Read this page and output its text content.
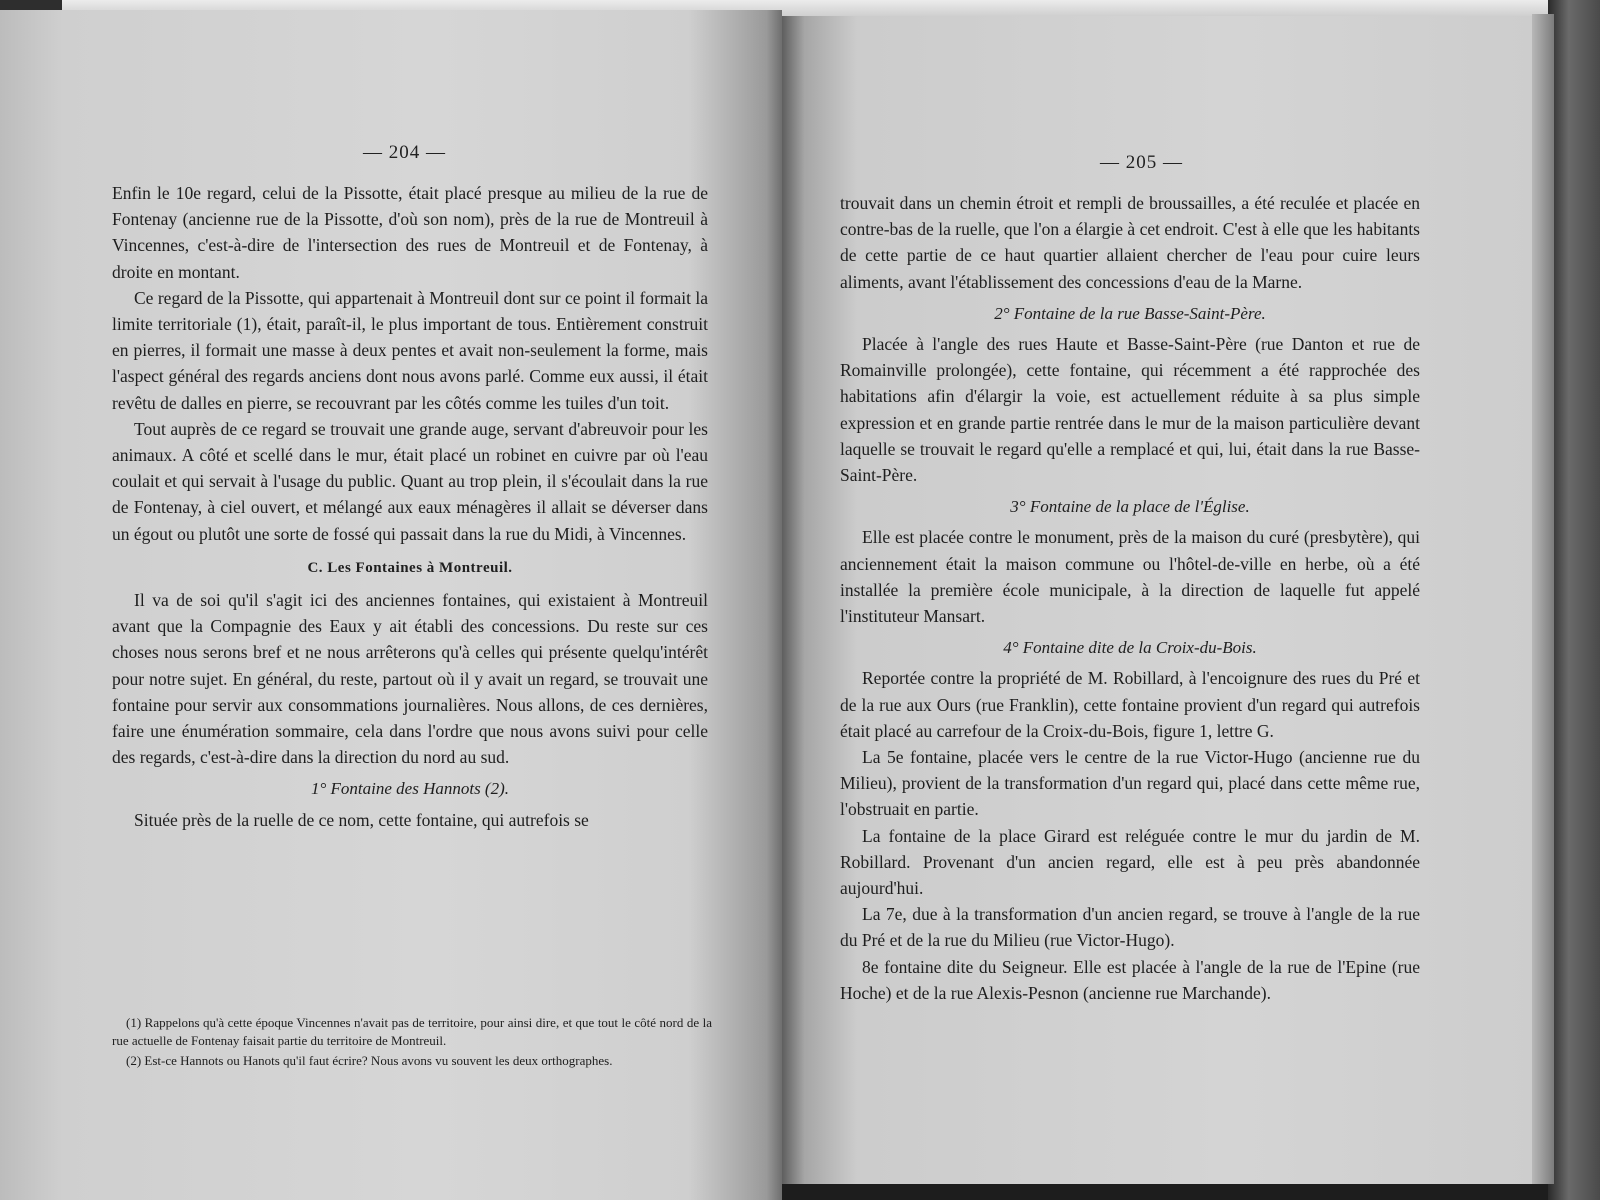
— 204 —

Enfin le 10e regard, celui de la Pissotte, était placé presque au milieu de la rue de Fontenay (ancienne rue de la Pissotte, d'où son nom), près de la rue de Montreuil à Vincennes, c'est-à-dire de l'intersection des rues de Montreuil et de Fontenay, à droite en montant.

Ce regard de la Pissotte, qui appartenait à Montreuil dont sur ce point il formait la limite territoriale (1), était, paraît-il, le plus important de tous. Entièrement construit en pierres, il formait une masse à deux pentes et avait non-seulement la forme, mais l'aspect général des regards anciens dont nous avons parlé. Comme eux aussi, il était revêtu de dalles en pierre, se recouvrant par les côtés comme les tuiles d'un toit.

Tout auprès de ce regard se trouvait une grande auge, servant d'abreuvoir pour les animaux. A côté et scellé dans le mur, était placé un robinet en cuivre par où l'eau coulait et qui servait à l'usage du public. Quant au trop plein, il s'écoulait dans la rue de Fontenay, à ciel ouvert, et mélangé aux eaux ménagères il allait se déverser dans un égout ou plutôt une sorte de fossé qui passait dans la rue du Midi, à Vincennes.

C. Les Fontaines à Montreuil.

Il va de soi qu'il s'agit ici des anciennes fontaines, qui existaient à Montreuil avant que la Compagnie des Eaux y ait établi des concessions. Du reste sur ces choses nous serons bref et ne nous arrêterons qu'à celles qui présente quelqu'intérêt pour notre sujet. En général, du reste, partout où il y avait un regard, se trouvait une fontaine pour servir aux consommations journalières. Nous allons, de ces dernières, faire une énumération sommaire, cela dans l'ordre que nous avons suivi pour celle des regards, c'est-à-dire dans la direction du nord au sud.

1° Fontaine des Hannots (2).

Située près de la ruelle de ce nom, cette fontaine, qui autrefois se

(1) Rappelons qu'à cette époque Vincennes n'avait pas de territoire, pour ainsi dire, et que tout le côté nord de la rue actuelle de Fontenay faisait partie du territoire de Montreuil.

(2) Est-ce Hannots ou Hanots qu'il faut écrire? Nous avons vu souvent les deux orthographes.

— 205 —

trouvait dans un chemin étroit et rempli de broussailles, a été reculée et placée en contre-bas de la ruelle, que l'on a élargie à cet endroit. C'est à elle que les habitants de cette partie de ce haut quartier allaient chercher de l'eau pour cuire leurs aliments, avant l'établissement des concessions d'eau de la Marne.

2° Fontaine de la rue Basse-Saint-Père.

Placée à l'angle des rues Haute et Basse-Saint-Père (rue Danton et rue de Romainville prolongée), cette fontaine, qui récemment a été rapprochée des habitations afin d'élargir la voie, est actuellement réduite à sa plus simple expression et en grande partie rentrée dans le mur de la maison particulière devant laquelle se trouvait le regard qu'elle a remplacé et qui, lui, était dans la rue Basse-Saint-Père.

3° Fontaine de la place de l'Église.

Elle est placée contre le monument, près de la maison du curé (presbytère), qui anciennement était la maison commune ou l'hôtel-de-ville en herbe, où a été installée la première école municipale, à la direction de laquelle fut appelé l'instituteur Mansart.

4° Fontaine dite de la Croix-du-Bois.

Reportée contre la propriété de M. Robillard, à l'encoignure des rues du Pré et de la rue aux Ours (rue Franklin), cette fontaine provient d'un regard qui autrefois était placé au carrefour de la Croix-du-Bois, figure 1, lettre G.

La 5e fontaine, placée vers le centre de la rue Victor-Hugo (ancienne rue du Milieu), provient de la transformation d'un regard qui, placé dans cette même rue, l'obstruait en partie.

La fontaine de la place Girard est reléguée contre le mur du jardin de M. Robillard. Provenant d'un ancien regard, elle est à peu près abandonnée aujourd'hui.

La 7e, due à la transformation d'un ancien regard, se trouve à l'angle de la rue du Pré et de la rue du Milieu (rue Victor-Hugo).

8e fontaine dite du Seigneur. Elle est placée à l'angle de la rue de l'Epine (rue Hoche) et de la rue Alexis-Pesnon (ancienne rue Marchande).
